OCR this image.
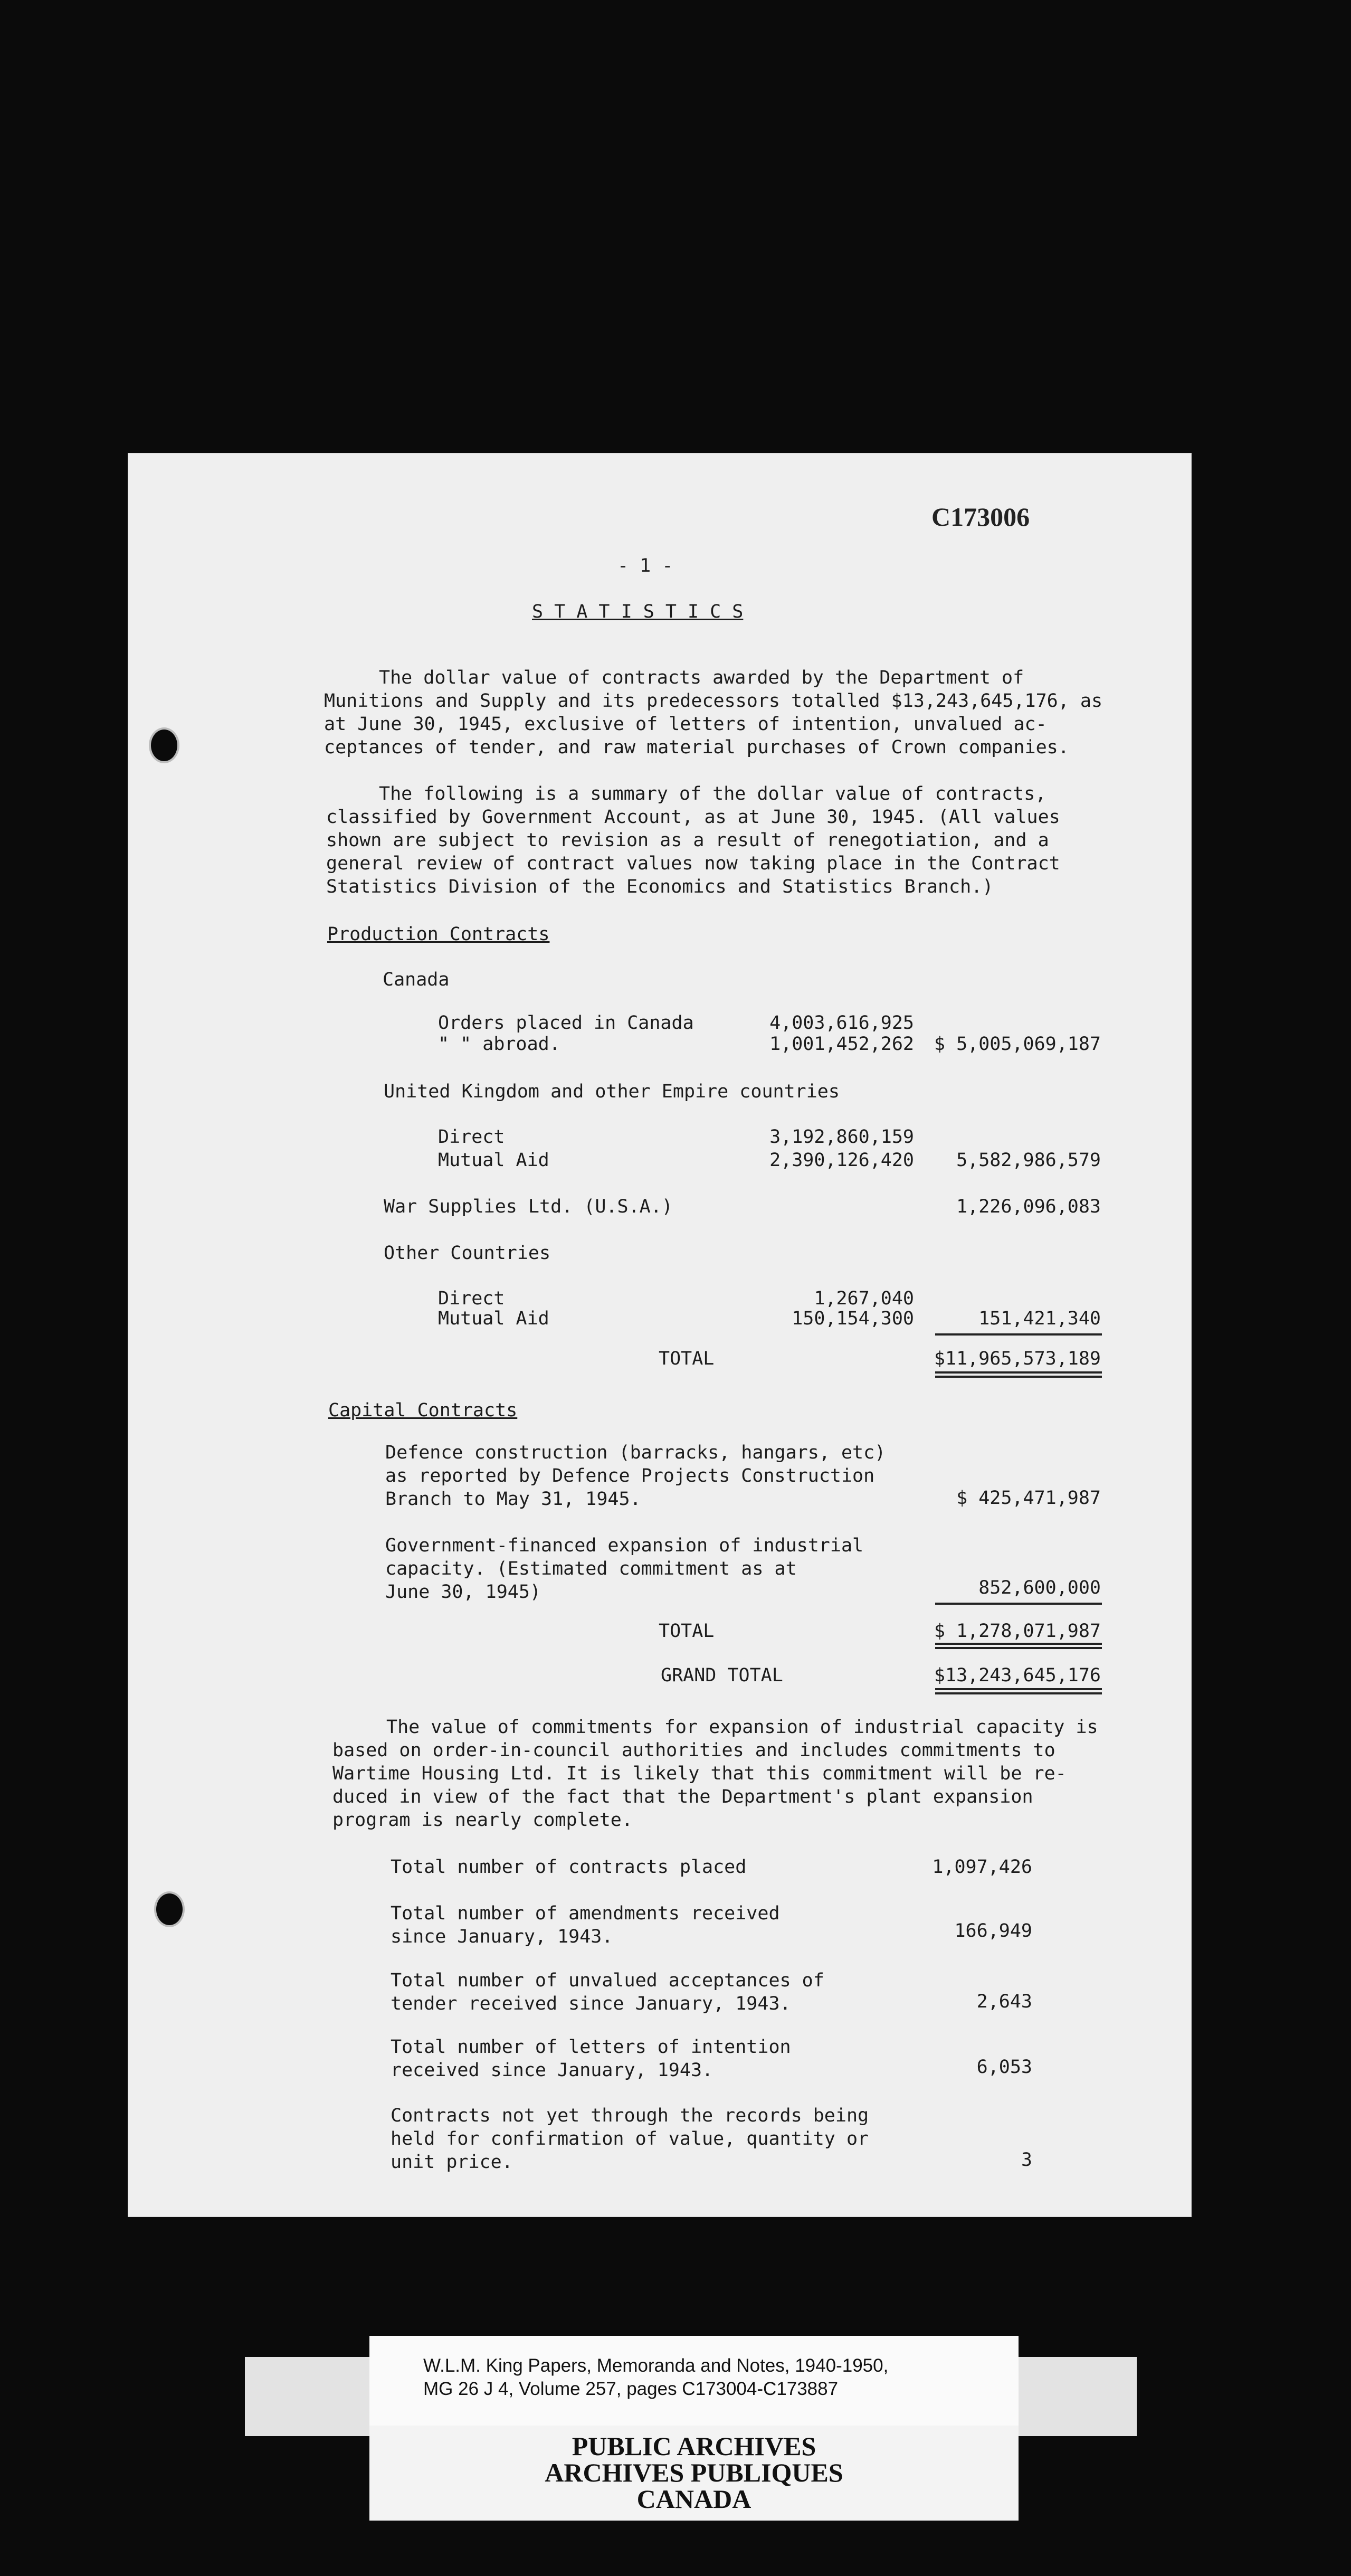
C173006
- 1 -
S T A T I S T I C S
The dollar value of contracts awarded by the Department of
Munitions and Supply and its predecessors totalled $13,243,645,176, as
at June 30, 1945, exclusive of letters of intention, unvalued ac-
ceptances of tender, and raw material purchases of Crown companies.
The following is a summary of the dollar value of contracts,
classified by Government Account, as at June 30, 1945. (All values
shown are subject to revision as a result of renegotiation, and a
general review of contract values now taking place in the Contract
Statistics Division of the Economics and Statistics Branch.)
Production Contracts
Canada
Orders placed in Canada	4,003,616,925
" " abroad.	1,001,452,262	$ 5,005,069,187
United Kingdom and other Empire countries
Direct	3,192,860,159
Mutual Aid	2,390,126,420	5,582,986,579
War Supplies Ltd. (U.S.A.)	1,226,096,083
Other Countries
Direct	1,267,040
Mutual Aid	150,154,300	151,421,340
TOTAL	$11,965,573,189
Capital Contracts
Defence construction (barracks, hangars, etc)
as reported by Defence Projects Construction
Branch to May 31, 1945.	$ 425,471,987
Government-financed expansion of industrial
capacity. (Estimated commitment as at
June 30, 1945)	852,600,000
TOTAL	$ 1,278,071,987
GRAND TOTAL	$13,243,645,176
The value of commitments for expansion of industrial capacity is
based on order-in-council authorities and includes commitments to
Wartime Housing Ltd. It is likely that this commitment will be re-
duced in view of the fact that the Department's plant expansion
program is nearly complete.
Total number of contracts placed	1,097,426
Total number of amendments received
since January, 1943.	166,949
Total number of unvalued acceptances of
tender received since January, 1943.	2,643
Total number of letters of intention
received since January, 1943.	6,053
Contracts not yet through the records being
held for confirmation of value, quantity or
unit price.	3
W.L.M. King Papers, Memoranda and Notes, 1940-1950,
MG 26 J 4, Volume 257, pages C173004-C173887
PUBLIC ARCHIVES
ARCHIVES PUBLIQUES
CANADA
